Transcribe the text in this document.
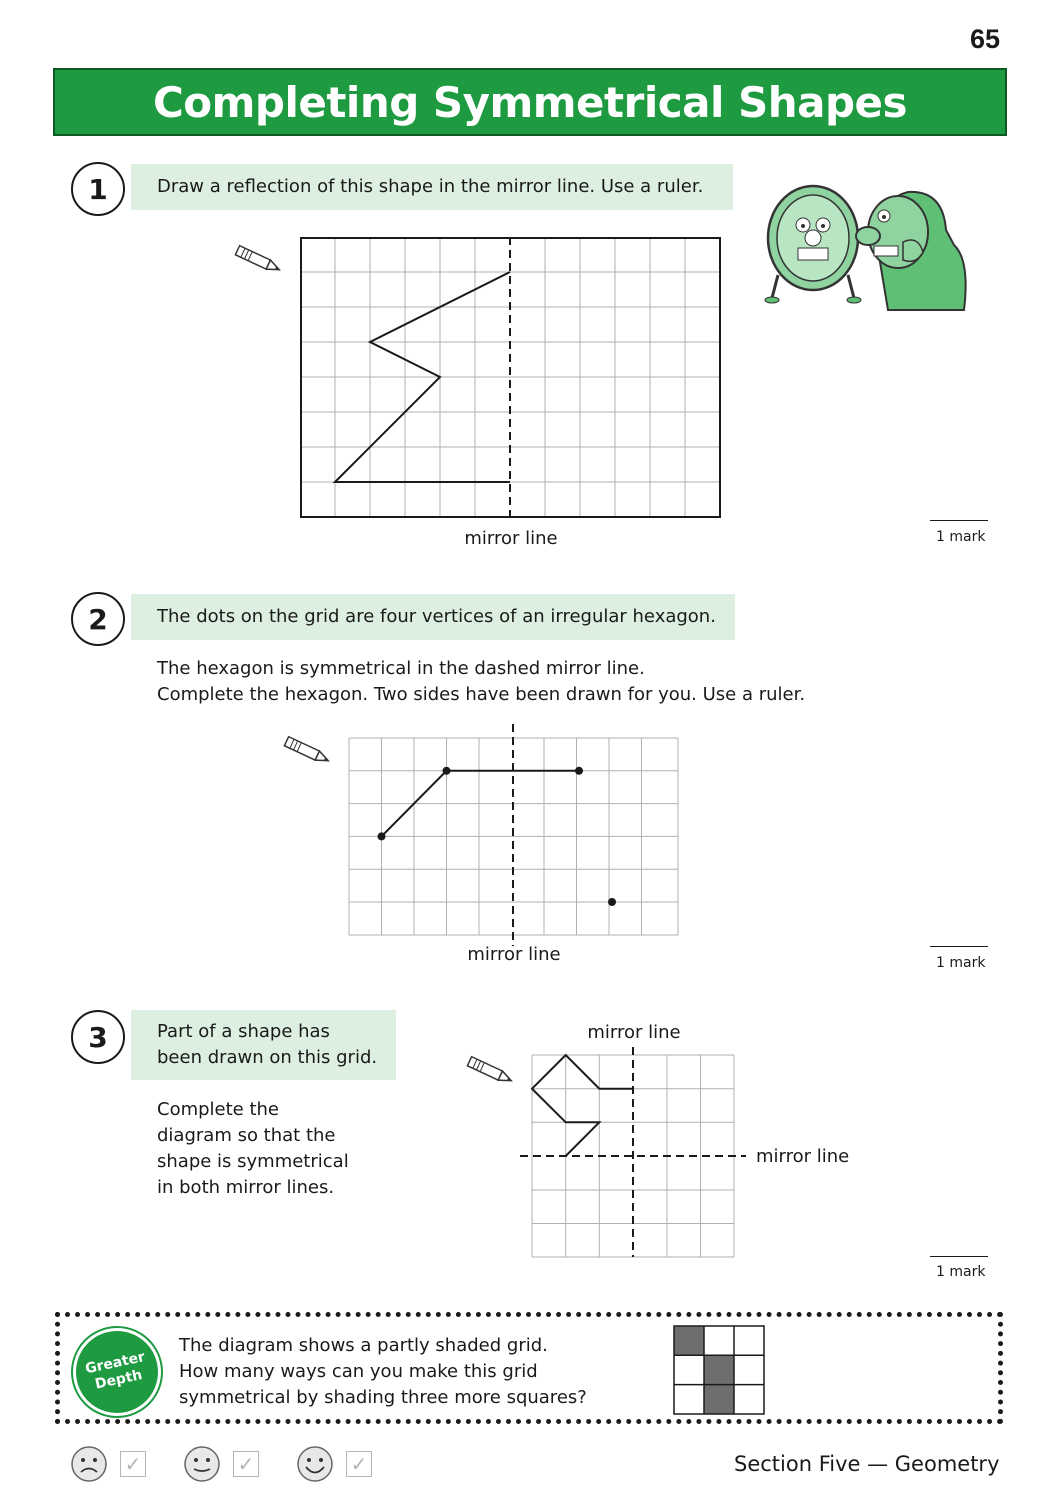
65
Completing Symmetrical Shapes
1	Draw a reflection of this shape in the mirror line. Use a ruler.
mirror line	1 mark
2	The dots on the grid are four vertices of an irregular hexagon.
The hexagon is symmetrical in the dashed mirror line.
Complete the hexagon. Two sides have been drawn for you. Use a ruler.
mirror line	1 mark
3	Part of a shape has
been drawn on this grid.
Complete the
diagram so that the
shape is symmetrical
in both mirror lines.
mirror line
mirror line
1 mark
Greater
Depth
The diagram shows a partly shaded grid.
How many ways can you make this grid
symmetrical by shading three more squares?
✓	✓	✓	Section Five — Geometry
